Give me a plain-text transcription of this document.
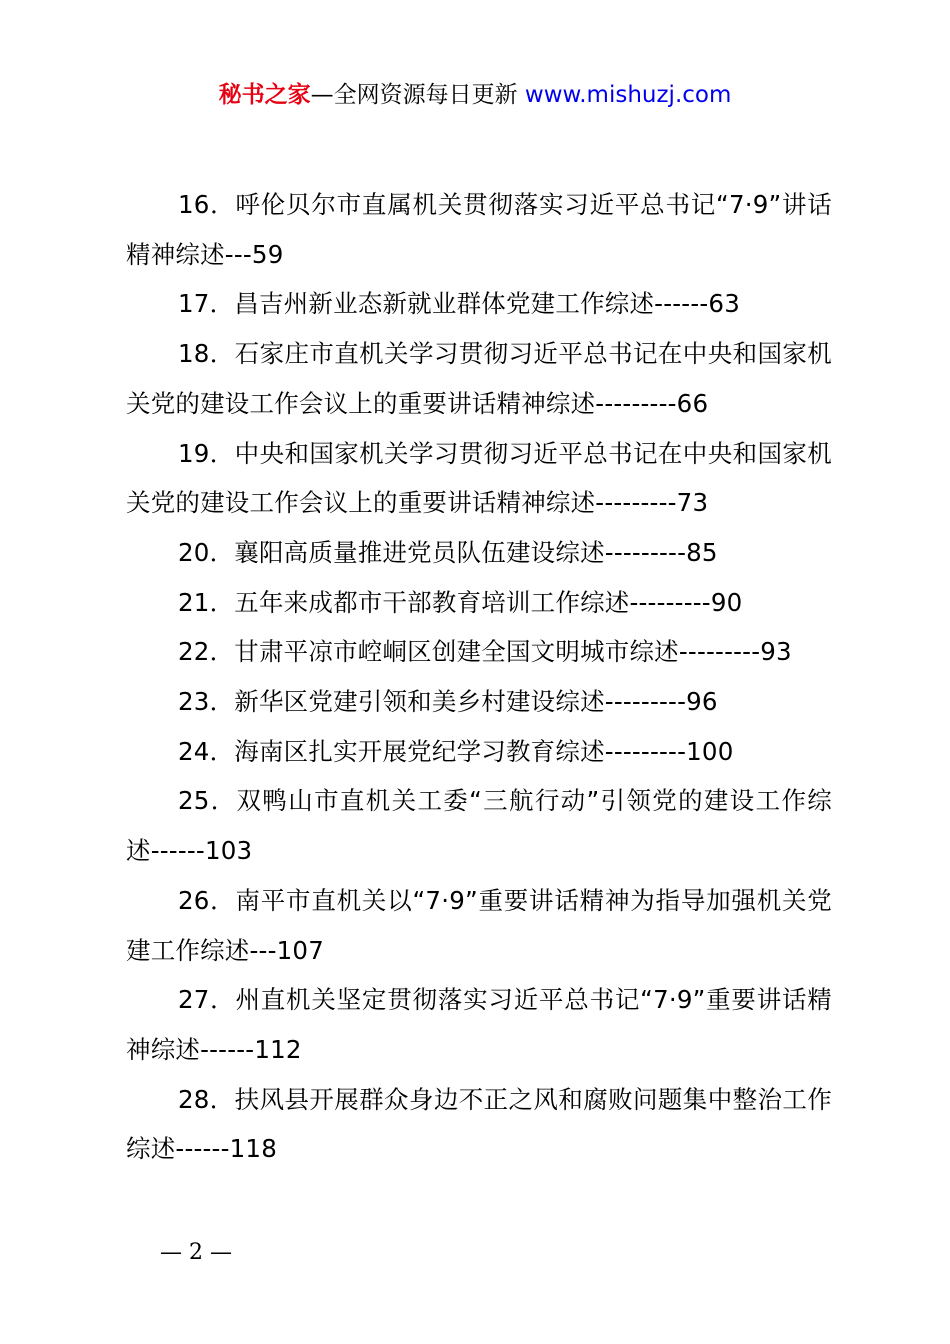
秘书之家—全网资源每日更新 www.mishuzj.com

16．呼伦贝尔市直属机关贯彻落实习近平总书记“7·9”讲话精神综述---59

17．昌吉州新业态新就业群体党建工作综述------63

18．石家庄市直机关学习贯彻习近平总书记在中央和国家机关党的建设工作会议上的重要讲话精神综述---------66

19．中央和国家机关学习贯彻习近平总书记在中央和国家机关党的建设工作会议上的重要讲话精神综述---------73

20．襄阳高质量推进党员队伍建设综述---------85

21．五年来成都市干部教育培训工作综述---------90

22．甘肃平凉市崆峒区创建全国文明城市综述---------93

23．新华区党建引领和美乡村建设综述---------96

24．海南区扎实开展党纪学习教育综述---------100

25．双鸭山市直机关工委“三航行动”引领党的建设工作综述------103

26．南平市直机关以“7·9”重要讲话精神为指导加强机关党建工作综述---107

27．州直机关坚定贯彻落实习近平总书记“7·9”重要讲话精神综述------112

28．扶风县开展群众身边不正之风和腐败问题集中整治工作综述------118

— 2 —
